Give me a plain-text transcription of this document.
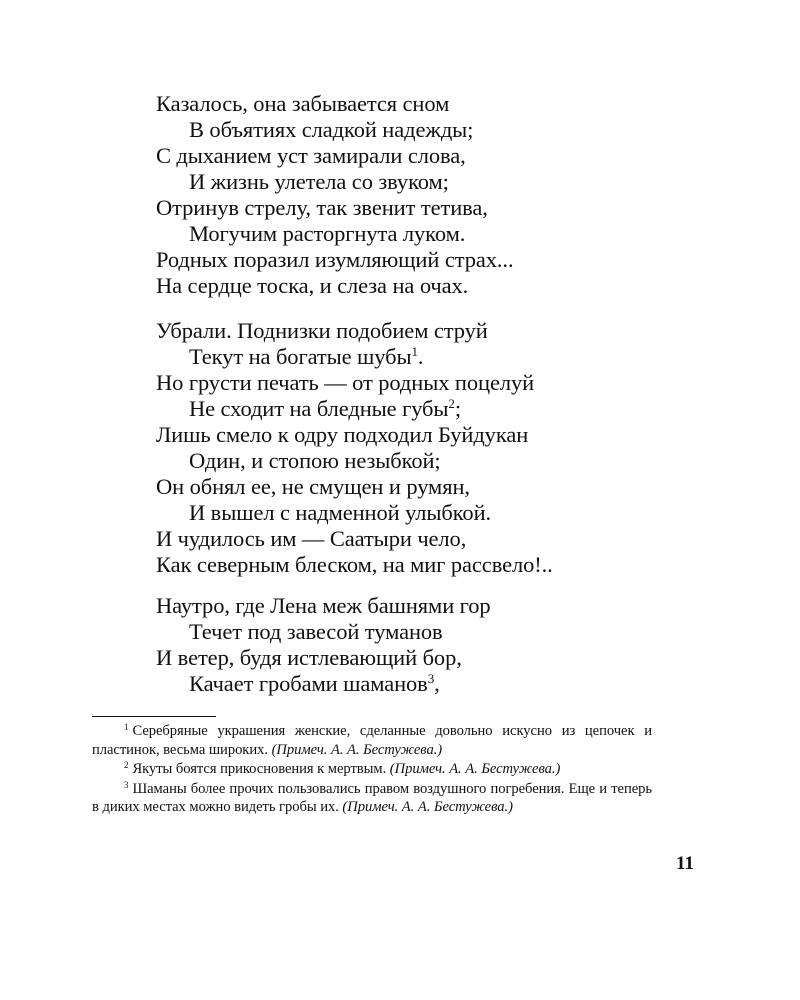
Казалось, она забывается сном
В объятиях сладкой надежды;
С дыханием уст замирали слова,
И жизнь улетела со звуком;
Отринув стрелу, так звенит тетива,
Могучим расторгнута луком.
Родных поразил изумляющий страх...
На сердце тоска, и слеза на очах.
Убрали. Поднизки подобием струй
Текут на богатые шубы$^1$.
Но грусти печать — от родных поцелуй
Не сходит на бледные губы$^2$;
Лишь смело к одру подходил Буйдукан
Один, и стопою незыбкой;
Он обнял ее, не смущен и румян,
И вышел с надменной улыбкой.
И чудилось им — Саатыри чело,
Как северным блеском, на миг рассвело!..
Наутро, где Лена меж башнями гор
Течет под завесой туманов
И ветер, будя истлевающий бор,
Качает гробами шаманов$^3$,

$^1$ Серебряные украшения женские, сделанные довольно искусно из цепочек и пластинок, весьма широких. (Примеч. А. А. Бестужева.)

$^2$ Якуты боятся прикосновения к мертвым. (Примеч. А. А. Бестужева.)

$^3$ Шаманы более прочих пользовались правом воздушного погребения. Еще и теперь в диких местах можно видеть гробы их. (Примеч. А. А. Бестужева.)

11
